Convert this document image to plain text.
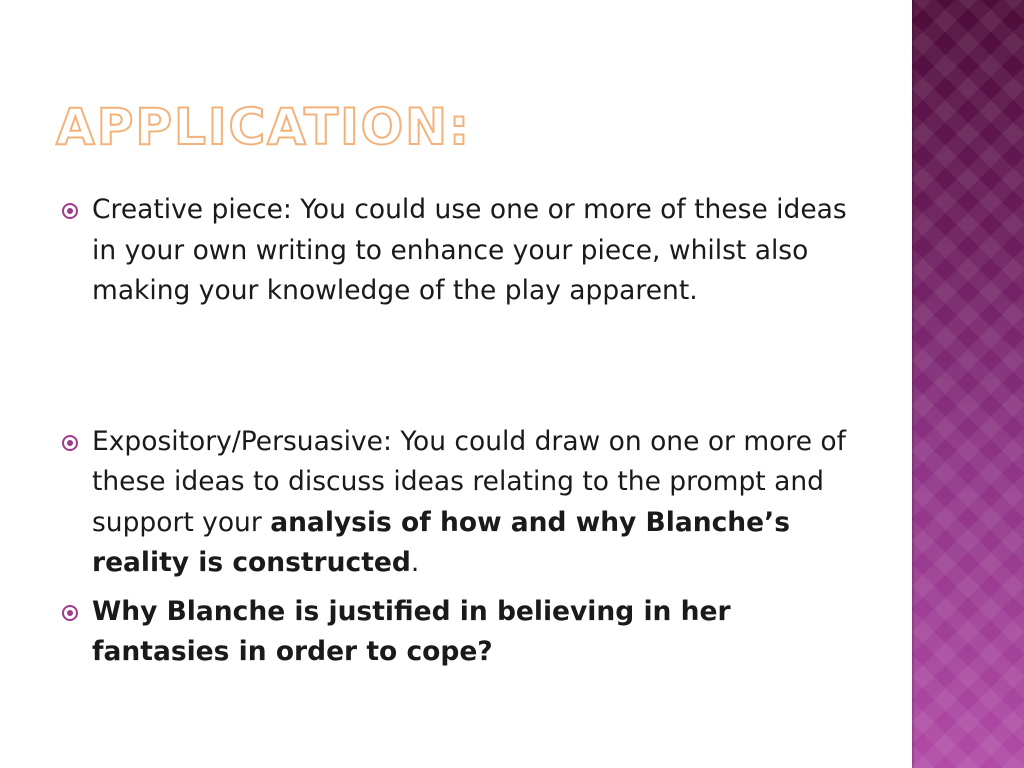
APPLICATION:
Creative piece: You could use one or more of these ideas in your own writing to enhance your piece, whilst also making your knowledge of the play apparent.
Expository/Persuasive: You could draw on one or more of these ideas to discuss ideas relating to the prompt and support your analysis of how and why Blanche’s reality is constructed.
Why Blanche is justified in believing in her fantasies in order to cope?
